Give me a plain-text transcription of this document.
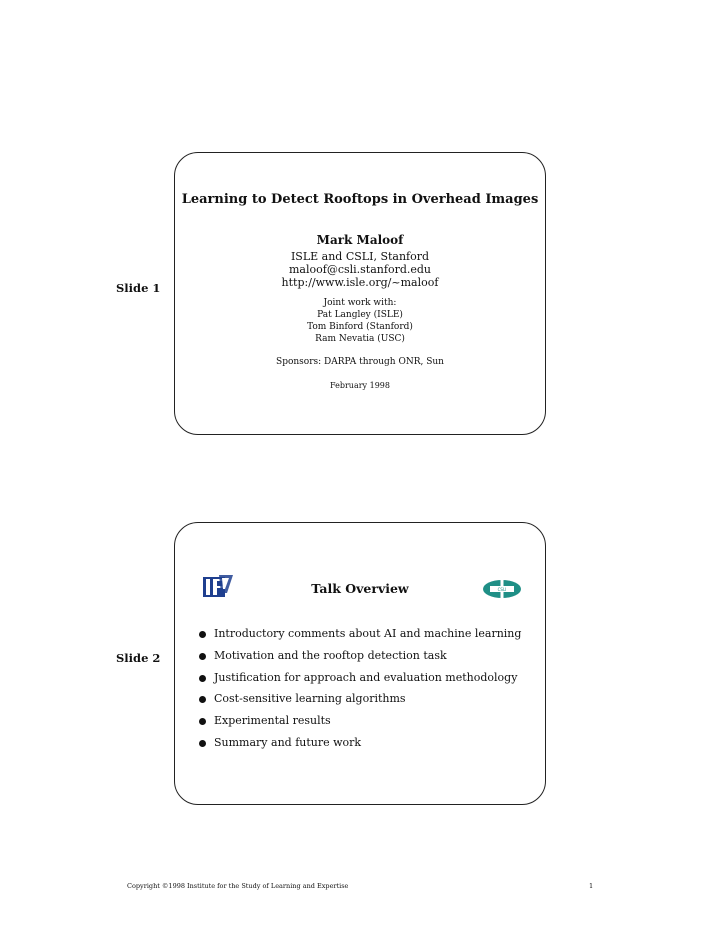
Slide 1
Learning to Detect Rooftops in Overhead Images
Mark Maloof
ISLE and CSLI, Stanford
maloof@csli.stanford.edu
http://www.isle.org/~maloof
Joint work with:
Pat Langley (ISLE)
Tom Binford (Stanford)
Ram Nevatia (USC)
Sponsors: DARPA through ONR, Sun
February 1998
Slide 2
Talk Overview	CSLI
Introductory comments about AI and machine learning
Motivation and the rooftop detection task
Justification for approach and evaluation methodology
Cost-sensitive learning algorithms
Experimental results
Summary and future work
Copyright ©1998 Institute for the Study of Learning and Expertise	1
